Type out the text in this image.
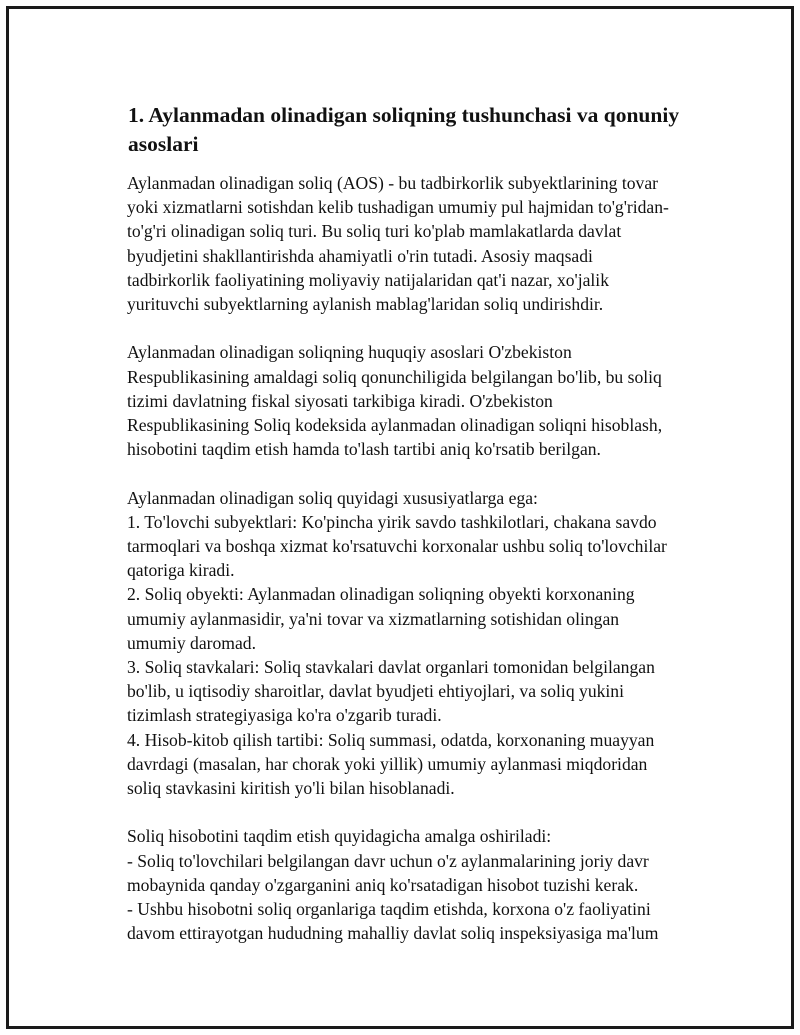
1. Aylanmadan olinadigan soliqning tushunchasi va qonuniy
asoslari
Aylanmadan olinadigan soliq (AOS) - bu tadbirkorlik subyektlarining tovar
yoki xizmatlarni sotishdan kelib tushadigan umumiy pul hajmidan to'g'ridan-
to'g'ri olinadigan soliq turi. Bu soliq turi ko'plab mamlakatlarda davlat
byudjetini shakllantirishda ahamiyatli o'rin tutadi. Asosiy maqsadi
tadbirkorlik faoliyatining moliyaviy natijalaridan qat'i nazar, xo'jalik
yurituvchi subyektlarning aylanish mablag'laridan soliq undirishdir.
Aylanmadan olinadigan soliqning huquqiy asoslari O'zbekiston
Respublikasining amaldagi soliq qonunchiligida belgilangan bo'lib, bu soliq
tizimi davlatning fiskal siyosati tarkibiga kiradi. O'zbekiston
Respublikasining Soliq kodeksida aylanmadan olinadigan soliqni hisoblash,
hisobotini taqdim etish hamda to'lash tartibi aniq ko'rsatib berilgan.
Aylanmadan olinadigan soliq quyidagi xususiyatlarga ega:
1. To'lovchi subyektlari: Ko'pincha yirik savdo tashkilotlari, chakana savdo
tarmoqlari va boshqa xizmat ko'rsatuvchi korxonalar ushbu soliq to'lovchilar
qatoriga kiradi.
2. Soliq obyekti: Aylanmadan olinadigan soliqning obyekti korxonaning
umumiy aylanmasidir, ya'ni tovar va xizmatlarning sotishidan olingan
umumiy daromad.
3. Soliq stavkalari: Soliq stavkalari davlat organlari tomonidan belgilangan
bo'lib, u iqtisodiy sharoitlar, davlat byudjeti ehtiyojlari, va soliq yukini
tizimlash strategiyasiga ko'ra o'zgarib turadi.
4. Hisob-kitob qilish tartibi: Soliq summasi, odatda, korxonaning muayyan
davrdagi (masalan, har chorak yoki yillik) umumiy aylanmasi miqdoridan
soliq stavkasini kiritish yo'li bilan hisoblanadi.
Soliq hisobotini taqdim etish quyidagicha amalga oshiriladi:
- Soliq to'lovchilari belgilangan davr uchun o'z aylanmalarining joriy davr
mobaynida qanday o'zgarganini aniq ko'rsatadigan hisobot tuzishi kerak.
- Ushbu hisobotni soliq organlariga taqdim etishda, korxona o'z faoliyatini
davom ettirayotgan hududning mahalliy davlat soliq inspeksiyasiga ma'lum
